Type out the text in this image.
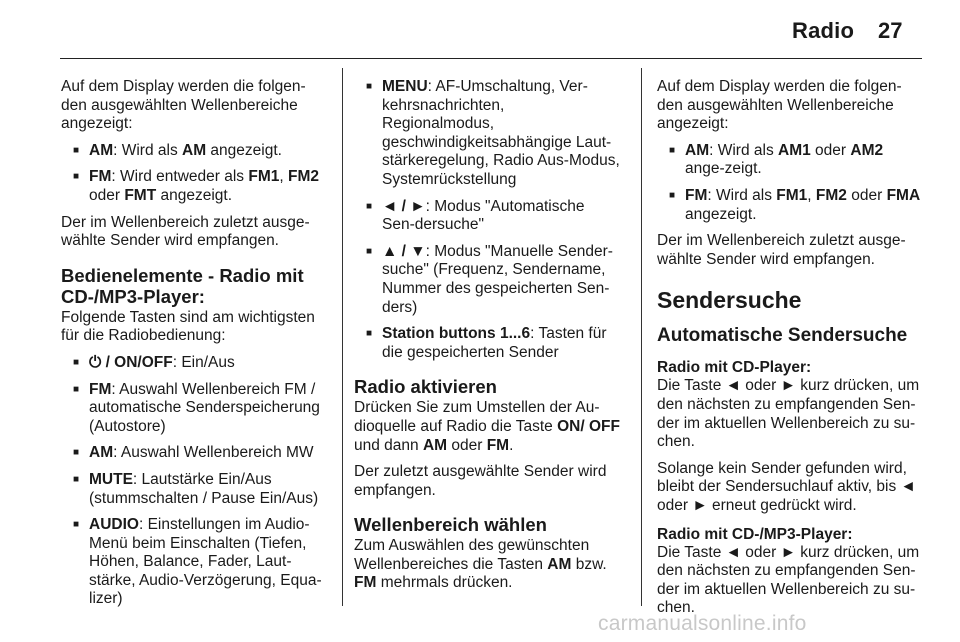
Radio 27

Auf dem Display werden die folgen-den ausgewählten Wellenbereiche angezeigt:

■ AM: Wird als AM angezeigt.
■ FM: Wird entweder als FM1, FM2 oder FMT angezeigt.

Der im Wellenbereich zuletzt ausge-wählte Sender wird empfangen.

Bedienelemente - Radio mit CD-/MP3-Player:

Folgende Tasten sind am wichtigsten für die Radiobedienung:

■ ⏻ / ON/OFF: Ein/Aus
■ FM: Auswahl Wellenbereich FM / automatische Senderspeicherung (Autostore)
■ AM: Auswahl Wellenbereich MW
■ MUTE: Lautstärke Ein/Aus (stummschalten / Pause Ein/Aus)
■ AUDIO: Einstellungen im Audio-Menü beim Einschalten (Tiefen, Höhen, Balance, Fader, Laut-stärke, Audio-Verzögerung, Equa-lizer)
■ MENU: AF-Umschaltung, Ver-kehrsnachrichten, Regionalmodus, geschwindigkeitsabhängige Laut-stärkeregelung, Radio Aus-Modus, Systemrückstellung
■ ◄ / ►: Modus "Automatische Sen-dersuche"
■ ▲ / ▼: Modus "Manuelle Sender-suche" (Frequenz, Sendername, Nummer des gespeicherten Sen-ders)
■ Station buttons 1...6: Tasten für die gespeicherten Sender
Radio aktivieren

Drücken Sie zum Umstellen der Au-dioquelle auf Radio die Taste ON/ OFF und dann AM oder FM.

Der zuletzt ausgewählte Sender wird empfangen.

Wellenbereich wählen

Zum Auswählen des gewünschten Wellenbereiches die Tasten AM bzw. FM mehrmals drücken.

Auf dem Display werden die folgen-den ausgewählten Wellenbereiche angezeigt:

■ AM: Wird als AM1 oder AM2 ange-zeigt.
■ FM: Wird als FM1, FM2 oder FMA angezeigt.

Der im Wellenbereich zuletzt ausge-wählte Sender wird empfangen.

Sendersuche
Automatische Sendersuche
Radio mit CD-Player:

Die Taste ◄ oder ► kurz drücken, um den nächsten zu empfangenden Sen-der im aktuellen Wellenbereich zu su-chen.

Solange kein Sender gefunden wird, bleibt der Sendersuchlauf aktiv, bis ◄ oder ► erneut gedrückt wird.

Radio mit CD-/MP3-Player:

Die Taste ◄ oder ► kurz drücken, um den nächsten zu empfangenden Sen-der im aktuellen Wellenbereich zu su-chen.

carmanualsonline.info
